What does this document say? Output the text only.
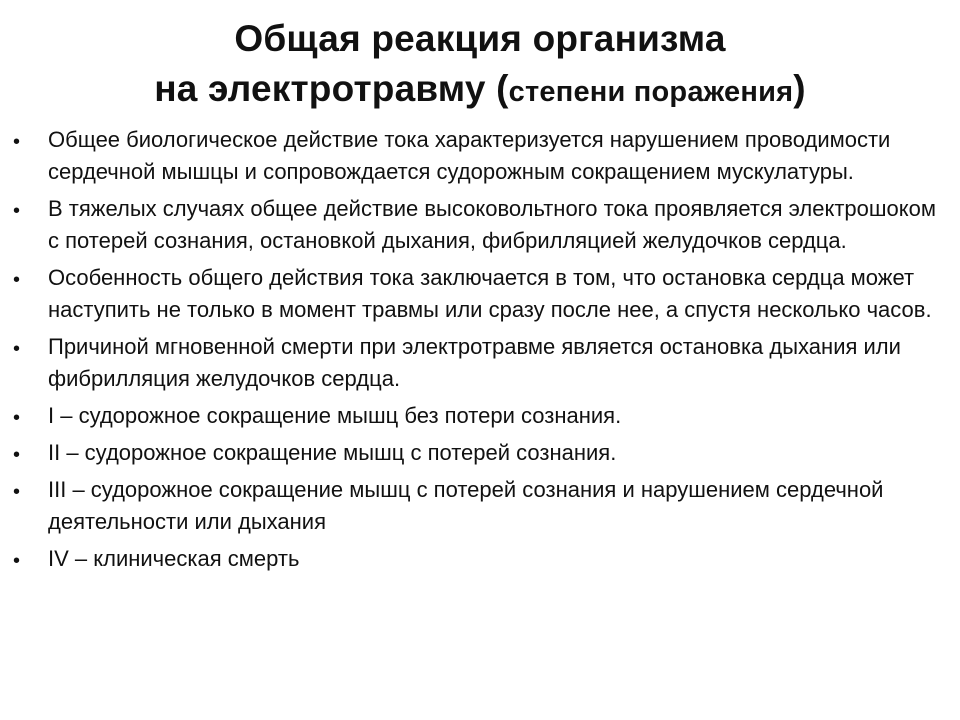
Общая реакция организма
на электротравму (степени поражения)
• Общее биологическое действие тока характеризуется нарушением проводимости сердечной мышцы и сопровождается судорожным сокращением мускулатуры.
• В тяжелых случаях общее действие высоковольтного тока проявляется электрошоком с потерей сознания, остановкой дыхания, фибрилляцией желудочков сердца.
• Особенность общего действия тока заключается в том, что остановка сердца может наступить не только в момент травмы или сразу после нее, а спустя несколько часов.
• Причиной мгновенной смерти при электротравме является остановка дыхания или фибрилляция желудочков сердца.
• I – судорожное сокращение мышц без потери сознания.
• II – судорожное сокращение мышц с потерей сознания.
• III – судорожное сокращение мышц с потерей сознания и нарушением сердечной деятельности или дыхания
• IV – клиническая смерть
